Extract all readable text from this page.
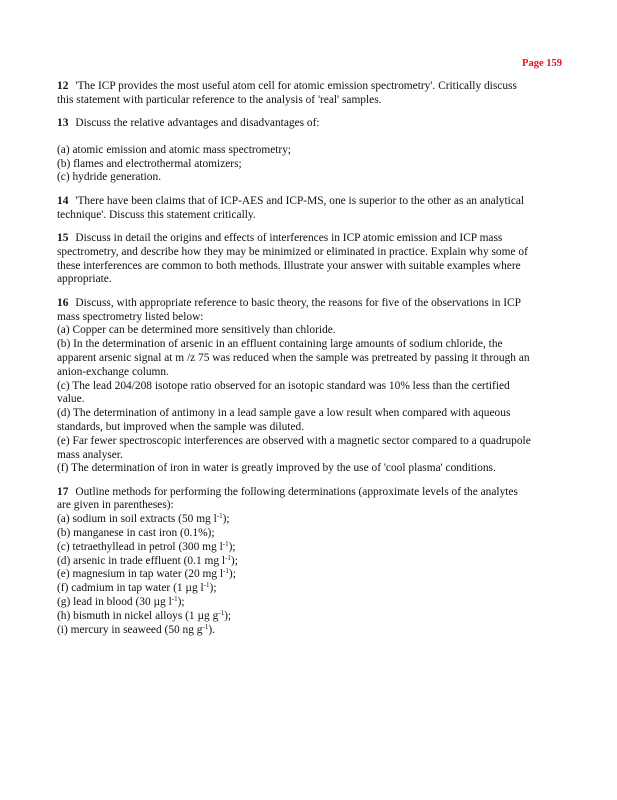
Page 159
12 'The ICP provides the most useful atom cell for atomic emission spectrometry'. Critically discuss
this statement with particular reference to the analysis of 'real' samples.
13 Discuss the relative advantages and disadvantages of:
(a) atomic emission and atomic mass spectrometry;
(b) flames and electrothermal atomizers;
(c) hydride generation.
14 'There have been claims that of ICP-AES and ICP-MS, one is superior to the other as an analytical
technique'. Discuss this statement critically.
15 Discuss in detail the origins and effects of interferences in ICP atomic emission and ICP mass
spectrometry, and describe how they may be minimized or eliminated in practice. Explain why some of
these interferences are common to both methods. Illustrate your answer with suitable examples where
appropriate.
16 Discuss, with appropriate reference to basic theory, the reasons for five of the observations in ICP
mass spectrometry listed below:
(a) Copper can be determined more sensitively than chloride.
(b) In the determination of arsenic in an effluent containing large amounts of sodium chloride, the
apparent arsenic signal at m /z 75 was reduced when the sample was pretreated by passing it through an
anion-exchange column.
(c) The lead 204/208 isotope ratio observed for an isotopic standard was 10% less than the certified
value.
(d) The determination of antimony in a lead sample gave a low result when compared with aqueous
standards, but improved when the sample was diluted.
(e) Far fewer spectroscopic interferences are observed with a magnetic sector compared to a quadrupole
mass analyser.
(f) The determination of iron in water is greatly improved by the use of 'cool plasma' conditions.
17 Outline methods for performing the following determinations (approximate levels of the analytes
are given in parentheses):
(a) sodium in soil extracts (50 mg $l^{-1}$);
(b) manganese in cast iron (0.1%);
(c) tetraethyllead in petrol (300 mg $l^{-1}$);
(d) arsenic in trade effluent (0.1 mg $l^{-1}$);
(e) magnesium in tap water (20 mg $l^{-1}$);
(f) cadmium in tap water (1 µg $l^{-1}$);
(g) lead in blood (30 µg $l^{-1}$);
(h) bismuth in nickel alloys (1 µg $g^{-1}$);
(i) mercury in seaweed (50 ng $g^{-1}$).
